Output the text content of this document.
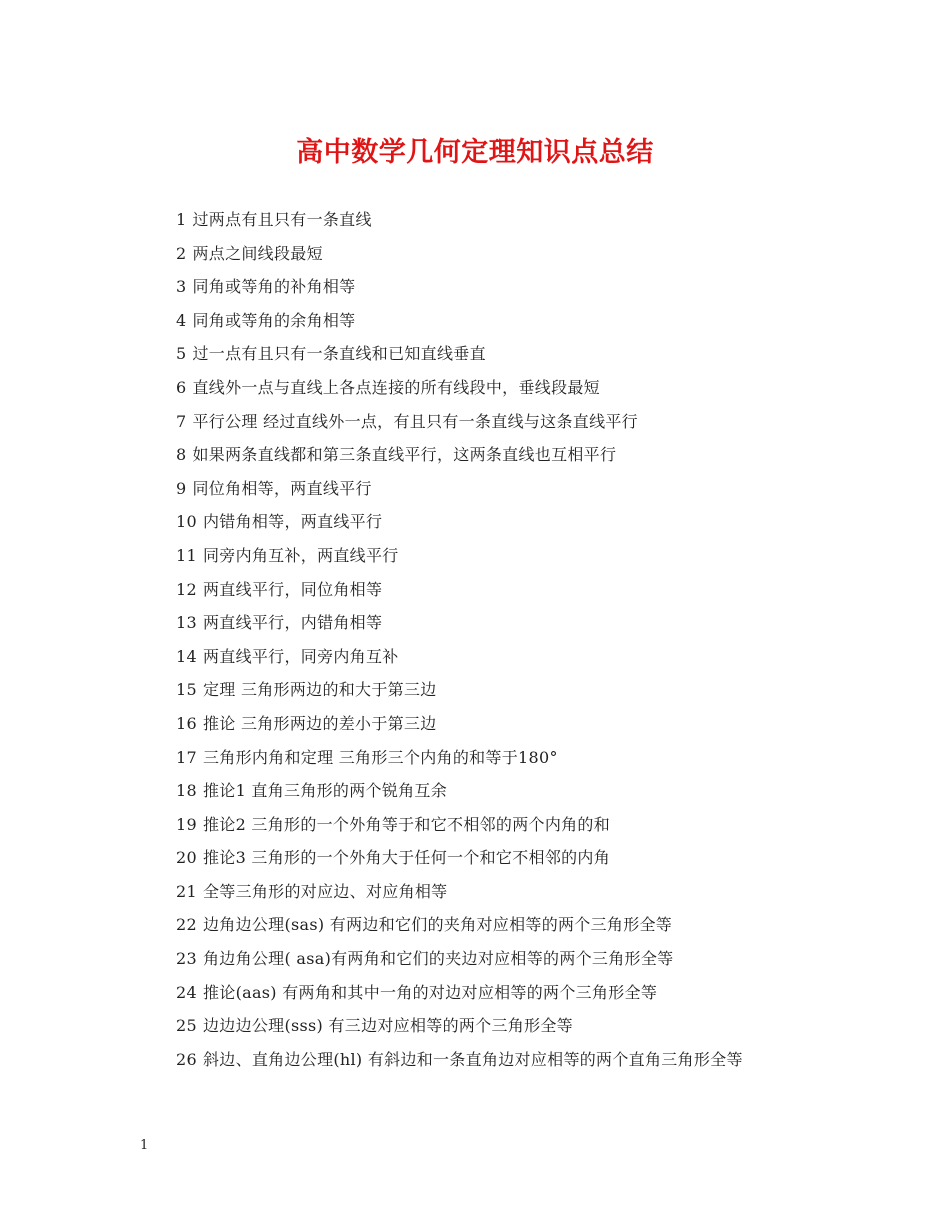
高中数学几何定理知识点总结
1 过两点有且只有一条直线
2 两点之间线段最短
3 同角或等角的补角相等
4 同角或等角的余角相等
5 过一点有且只有一条直线和已知直线垂直
6 直线外一点与直线上各点连接的所有线段中，垂线段最短
7 平行公理 经过直线外一点，有且只有一条直线与这条直线平行
8 如果两条直线都和第三条直线平行，这两条直线也互相平行
9 同位角相等，两直线平行
10 内错角相等，两直线平行
11 同旁内角互补，两直线平行
12 两直线平行，同位角相等
13 两直线平行，内错角相等
14 两直线平行，同旁内角互补
15 定理 三角形两边的和大于第三边
16 推论 三角形两边的差小于第三边
17 三角形内角和定理 三角形三个内角的和等于180°
18 推论1 直角三角形的两个锐角互余
19 推论2 三角形的一个外角等于和它不相邻的两个内角的和
20 推论3 三角形的一个外角大于任何一个和它不相邻的内角
21 全等三角形的对应边、对应角相等
22 边角边公理(sas) 有两边和它们的夹角对应相等的两个三角形全等
23 角边角公理( asa)有两角和它们的夹边对应相等的两个三角形全等
24 推论(aas) 有两角和其中一角的对边对应相等的两个三角形全等
25 边边边公理(sss) 有三边对应相等的两个三角形全等
26 斜边、直角边公理(hl) 有斜边和一条直角边对应相等的两个直角三角形全等
1
